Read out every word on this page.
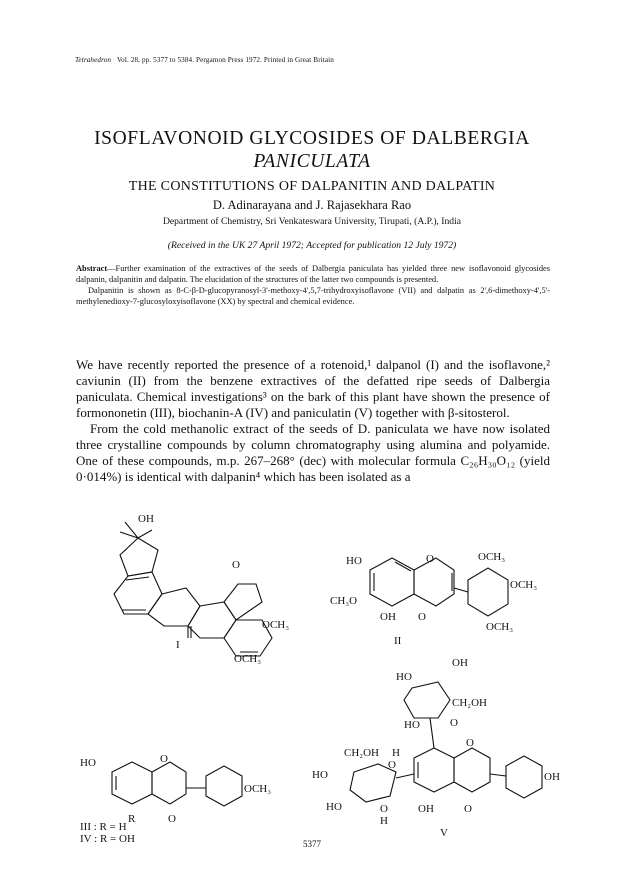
Tetrahedron Vol. 28, pp. 5377 to 5384. Pergamon Press 1972. Printed in Great Britain
ISOFLAVONOID GLYCOSIDES OF DALBERGIA
PANICULATA
THE CONSTITUTIONS OF DALPANITIN AND DALPATIN
D. Adinarayana and J. Rajasekhara Rao
Department of Chemistry, Sri Venkateswara University, Tirupati, (A.P.), India
(Received in the UK 27 April 1972; Accepted for publication 12 July 1972)
Abstract—Further examination of the extractives of the seeds of Dalbergia paniculata has yielded three new isoflavonoid glycosides dalpanin, dalpanitin and dalpatin. The elucidation of the structures of the latter two compounds is presented.
Dalpanitin is shown as 8-C-β-D-glucopyranosyl-3'-methoxy-4',5,7-trihydroxyisoflavone (VII) and dalpatin as 2',6-dimethoxy-4',5'-methylenedioxy-7-glucosyloxyisoflavone (XX) by spectral and chemical evidence.
We have recently reported the presence of a rotenoid,¹ dalpanol (I) and the isoflavone,² caviunin (II) from the benzene extractives of the defatted ripe seeds of Dalbergia paniculata. Chemical investigations³ on the bark of this plant have shown the presence of formononetin (III), biochanin-A (IV) and paniculatin (V) together with β-sitosterol.
From the cold methanolic extract of the seeds of D. paniculata we have now isolated three crystalline compounds by column chromatography using alumina and polyamide. One of these compounds, m.p. 267–268° (dec) with molecular formula C₂₆H₃₀O₁₂ (yield 0·014%) is identical with dalpanin⁴ which has been isolated as a
OH
O
OCH₃
OCH₃
I
HO
CH₃O
OH
O
O
OCH₃
OCH₃
OCH₃
II
HO	O
O
R
OCH₃
III : R = H
IV : R = OH
OH
HO
CH₂OH
HO	O
CH₂OH H
O
HO
HO	O
H
O
OH	O
OH
V
5377
